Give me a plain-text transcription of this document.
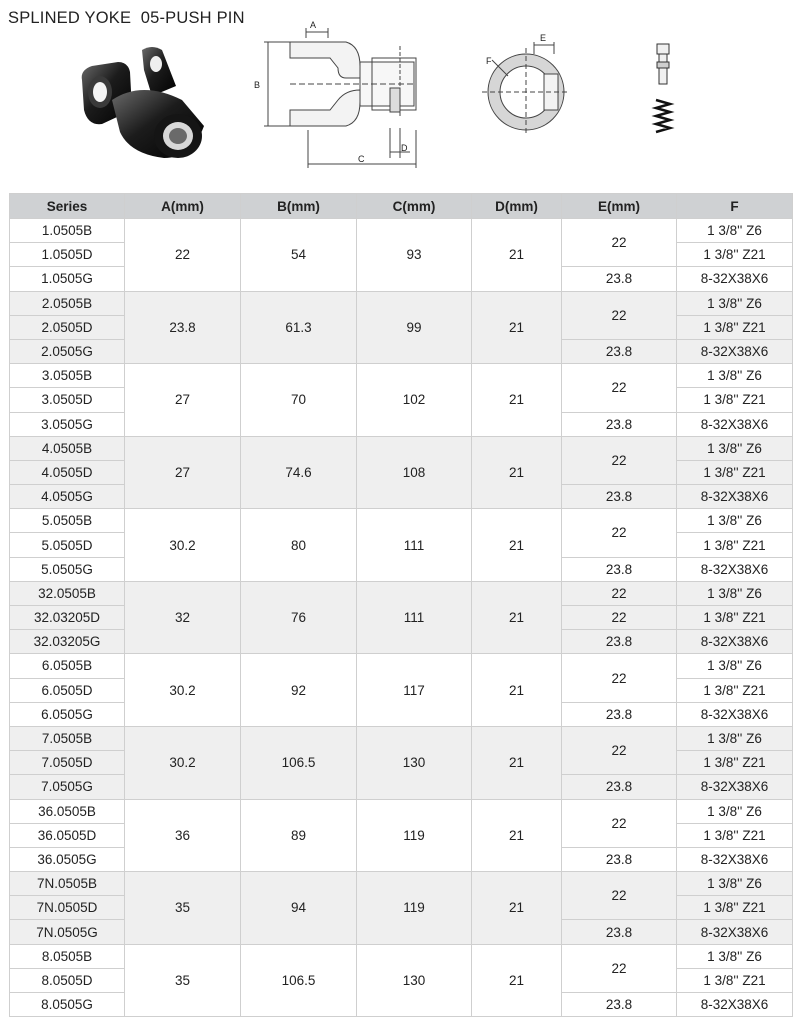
SPLINED YOKE  05-PUSH PIN	A
B
C
D
E
F
Series	A(mm)	B(mm)	C(mm)	D(mm)	E(mm)	F
1.0505B	22	54	93	21	22	1 3/8'' Z6
1.0505D						1 3/8'' Z21
1.0505G					23.8	8-32X38X6
2.0505B	23.8	61.3	99	21	22	1 3/8'' Z6
2.0505D						1 3/8'' Z21
2.0505G					23.8	8-32X38X6
3.0505B	27	70	102	21	22	1 3/8'' Z6
3.0505D						1 3/8'' Z21
3.0505G					23.8	8-32X38X6
4.0505B	27	74.6	108	21	22	1 3/8'' Z6
4.0505D						1 3/8'' Z21
4.0505G					23.8	8-32X38X6
5.0505B	30.2	80	111	21	22	1 3/8'' Z6
5.0505D						1 3/8'' Z21
5.0505G					23.8	8-32X38X6
32.0505B	32	76	111	21	22	1 3/8'' Z6
32.03205D					22	1 3/8'' Z21
32.03205G					23.8	8-32X38X6
6.0505B	30.2	92	117	21	22	1 3/8'' Z6
6.0505D						1 3/8'' Z21
6.0505G					23.8	8-32X38X6
7.0505B	30.2	106.5	130	21	22	1 3/8'' Z6
7.0505D						1 3/8'' Z21
7.0505G					23.8	8-32X38X6
36.0505B	36	89	119	21	22	1 3/8'' Z6
36.0505D						1 3/8'' Z21
36.0505G					23.8	8-32X38X6
7N.0505B	35	94	119	21	22	1 3/8'' Z6
7N.0505D						1 3/8'' Z21
7N.0505G					23.8	8-32X38X6
8.0505B	35	106.5	130	21	22	1 3/8'' Z6
8.0505D						1 3/8'' Z21
8.0505G					23.8	8-32X38X6
